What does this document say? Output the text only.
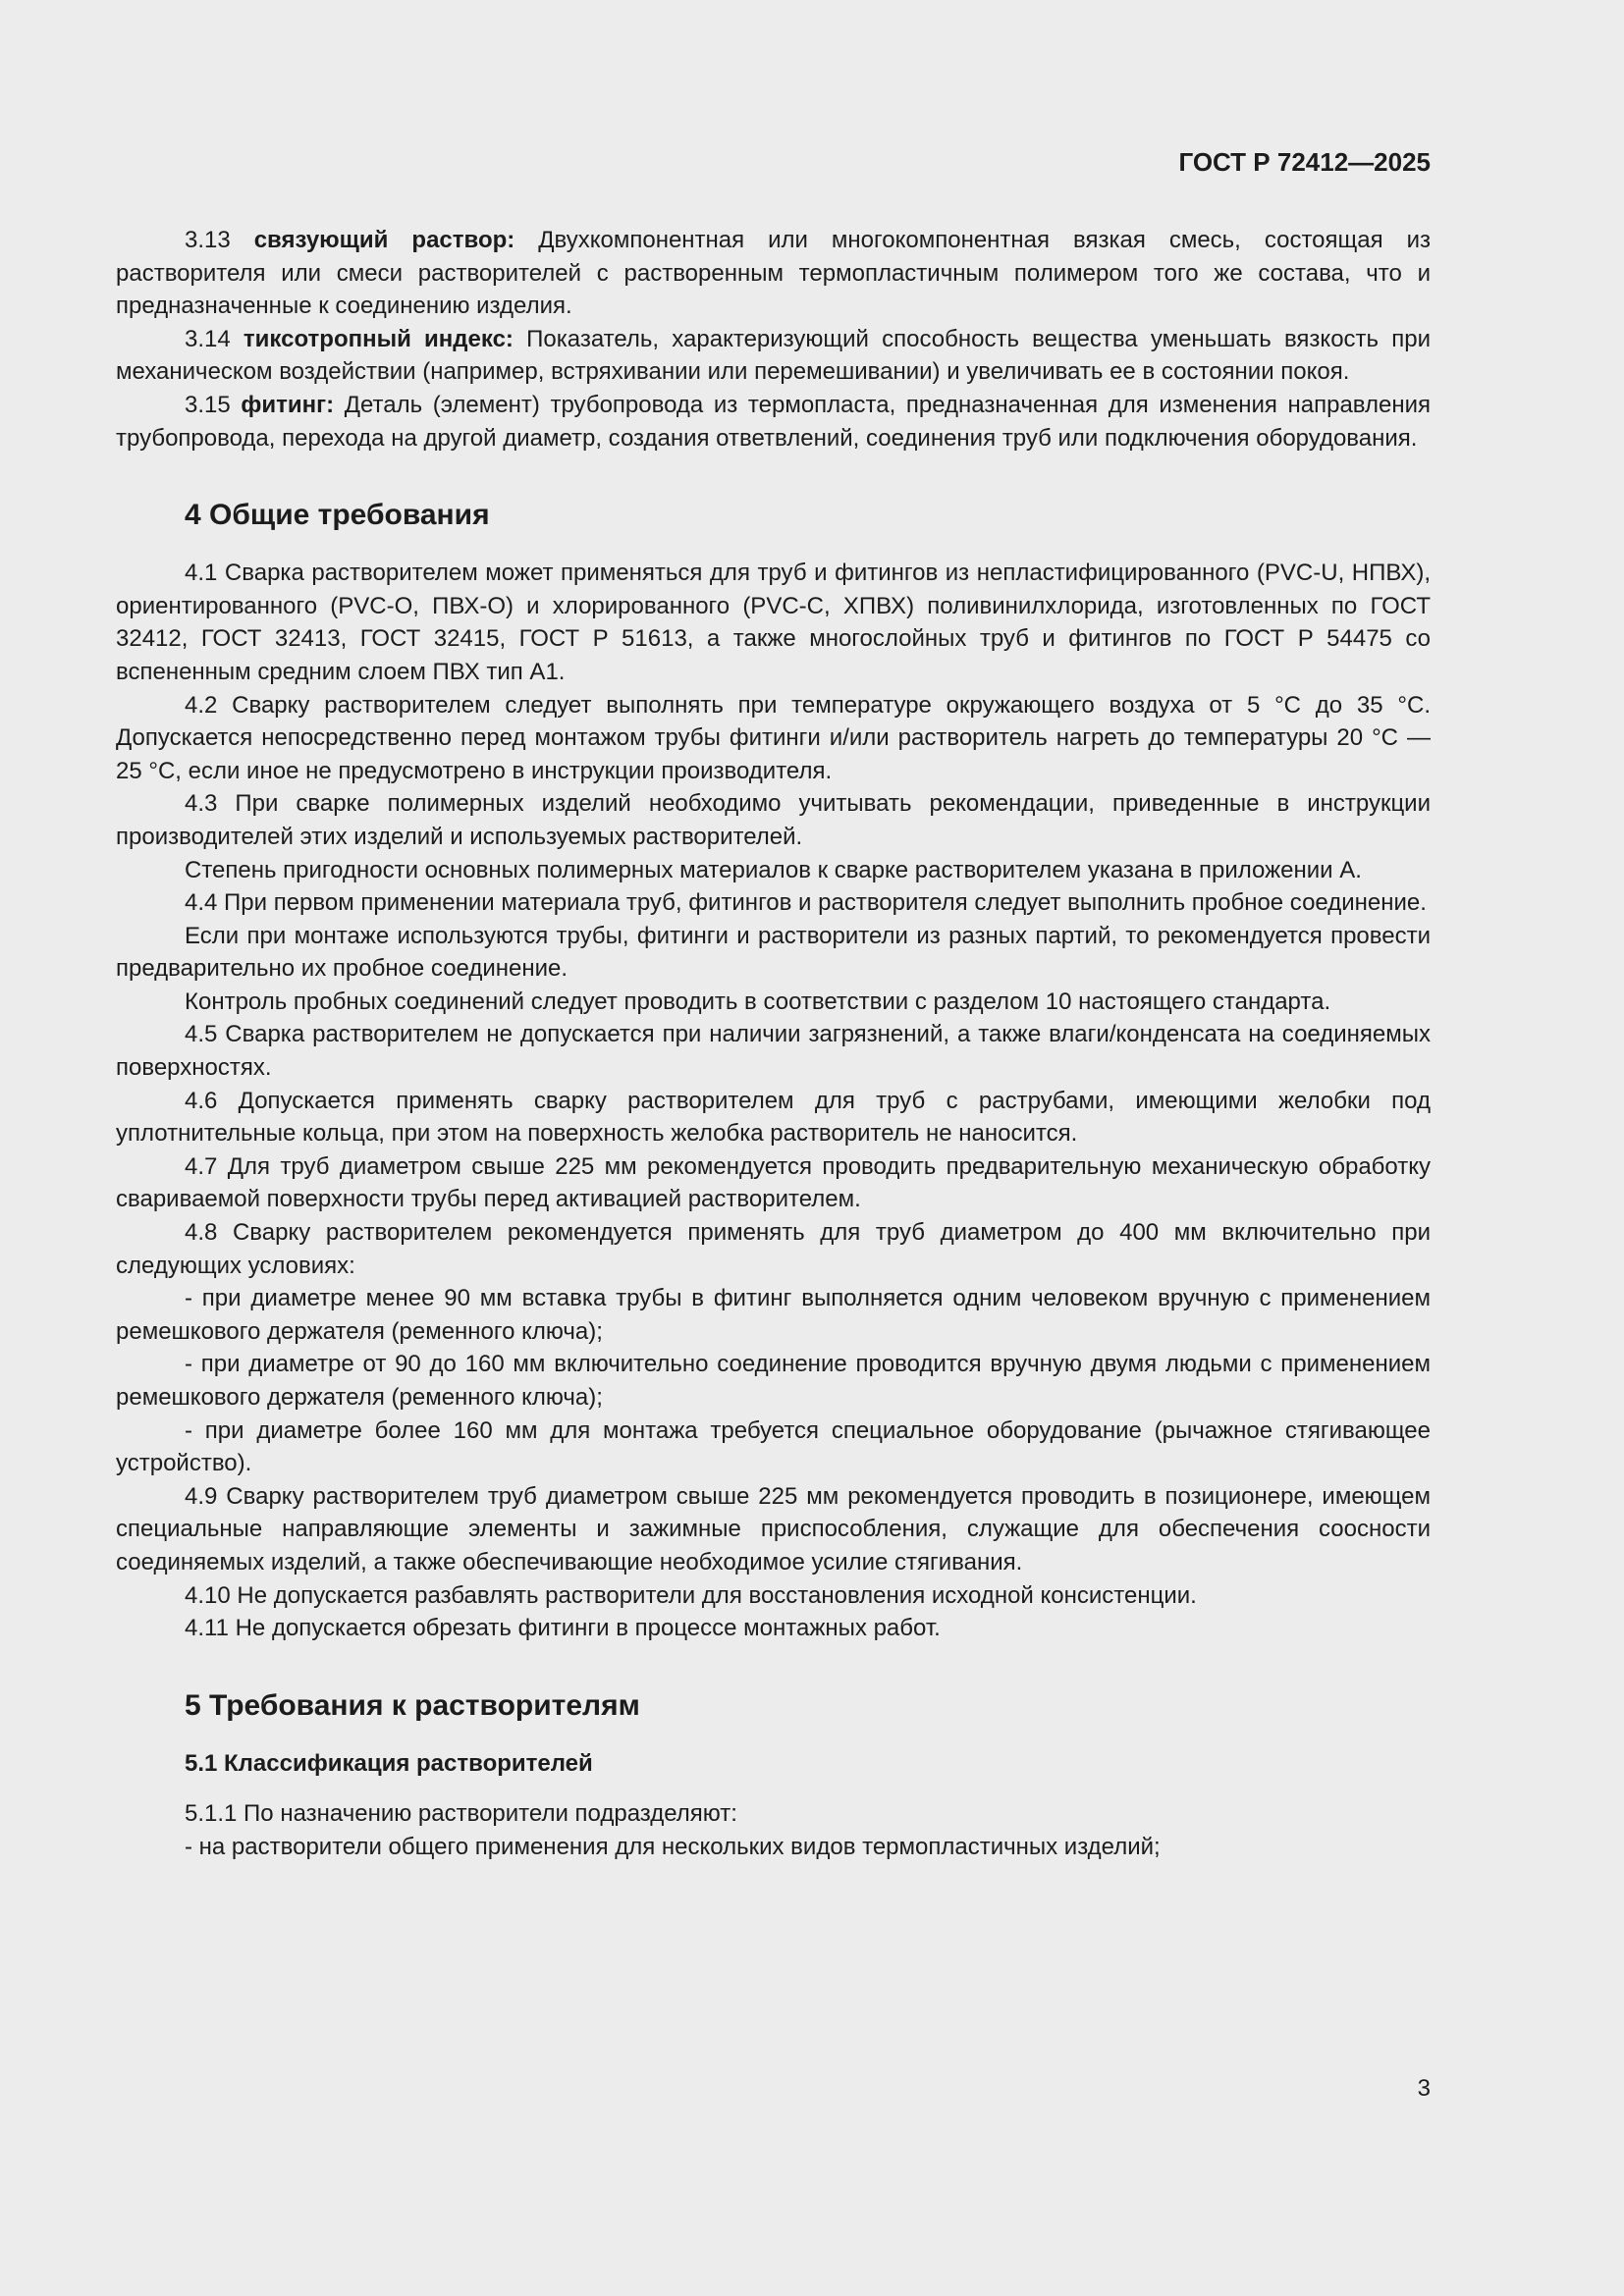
ГОСТ Р 72412—2025

3.13 связующий раствор: Двухкомпонентная или многокомпонентная вязкая смесь, состоящая из растворителя или смеси растворителей с растворенным термопластичным полимером того же состава, что и предназначенные к соединению изделия.

3.14 тиксотропный индекс: Показатель, характеризующий способность вещества уменьшать вязкость при механическом воздействии (например, встряхивании или перемешивании) и увеличивать ее в состоянии покоя.

3.15 фитинг: Деталь (элемент) трубопровода из термопласта, предназначенная для изменения направления трубопровода, перехода на другой диаметр, создания ответвлений, соединения труб или подключения оборудования.

4 Общие требования

4.1 Сварка растворителем может применяться для труб и фитингов из непластифицированного (PVC-U, НПВХ), ориентированного (PVC-O, ПВХ-O) и хлорированного (PVC-C, ХПВХ) поливинилхлорида, изготовленных по ГОСТ 32412, ГОСТ 32413, ГОСТ 32415, ГОСТ Р 51613, а также многослойных труб и фитингов по ГОСТ Р 54475 со вспененным средним слоем ПВХ тип А1.

4.2 Сварку растворителем следует выполнять при температуре окружающего воздуха от 5 °С до 35 °С. Допускается непосредственно перед монтажом трубы фитинги и/или растворитель нагреть до температуры 20 °С — 25 °С, если иное не предусмотрено в инструкции производителя.

4.3 При сварке полимерных изделий необходимо учитывать рекомендации, приведенные в инструкции производителей этих изделий и используемых растворителей.

Степень пригодности основных полимерных материалов к сварке растворителем указана в приложении А.

4.4 При первом применении материала труб, фитингов и растворителя следует выполнить пробное соединение.

Если при монтаже используются трубы, фитинги и растворители из разных партий, то рекомендуется провести предварительно их пробное соединение.

Контроль пробных соединений следует проводить в соответствии с разделом 10 настоящего стандарта.

4.5 Сварка растворителем не допускается при наличии загрязнений, а также влаги/конденсата на соединяемых поверхностях.

4.6 Допускается применять сварку растворителем для труб с раструбами, имеющими желобки под уплотнительные кольца, при этом на поверхность желобка растворитель не наносится.

4.7 Для труб диаметром свыше 225 мм рекомендуется проводить предварительную механическую обработку свариваемой поверхности трубы перед активацией растворителем.

4.8 Сварку растворителем рекомендуется применять для труб диаметром до 400 мм включительно при следующих условиях:

- при диаметре менее 90 мм вставка трубы в фитинг выполняется одним человеком вручную с применением ремешкового держателя (ременного ключа);

- при диаметре от 90 до 160 мм включительно соединение проводится вручную двумя людьми с применением ремешкового держателя (ременного ключа);

- при диаметре более 160 мм для монтажа требуется специальное оборудование (рычажное стягивающее устройство).

4.9 Сварку растворителем труб диаметром свыше 225 мм рекомендуется проводить в позиционере, имеющем специальные направляющие элементы и зажимные приспособления, служащие для обеспечения соосности соединяемых изделий, а также обеспечивающие необходимое усилие стягивания.

4.10 Не допускается разбавлять растворители для восстановления исходной консистенции.

4.11 Не допускается обрезать фитинги в процессе монтажных работ.

5 Требования к растворителям
5.1 Классификация растворителей

5.1.1 По назначению растворители подразделяют:

- на растворители общего применения для нескольких видов термопластичных изделий;

3
